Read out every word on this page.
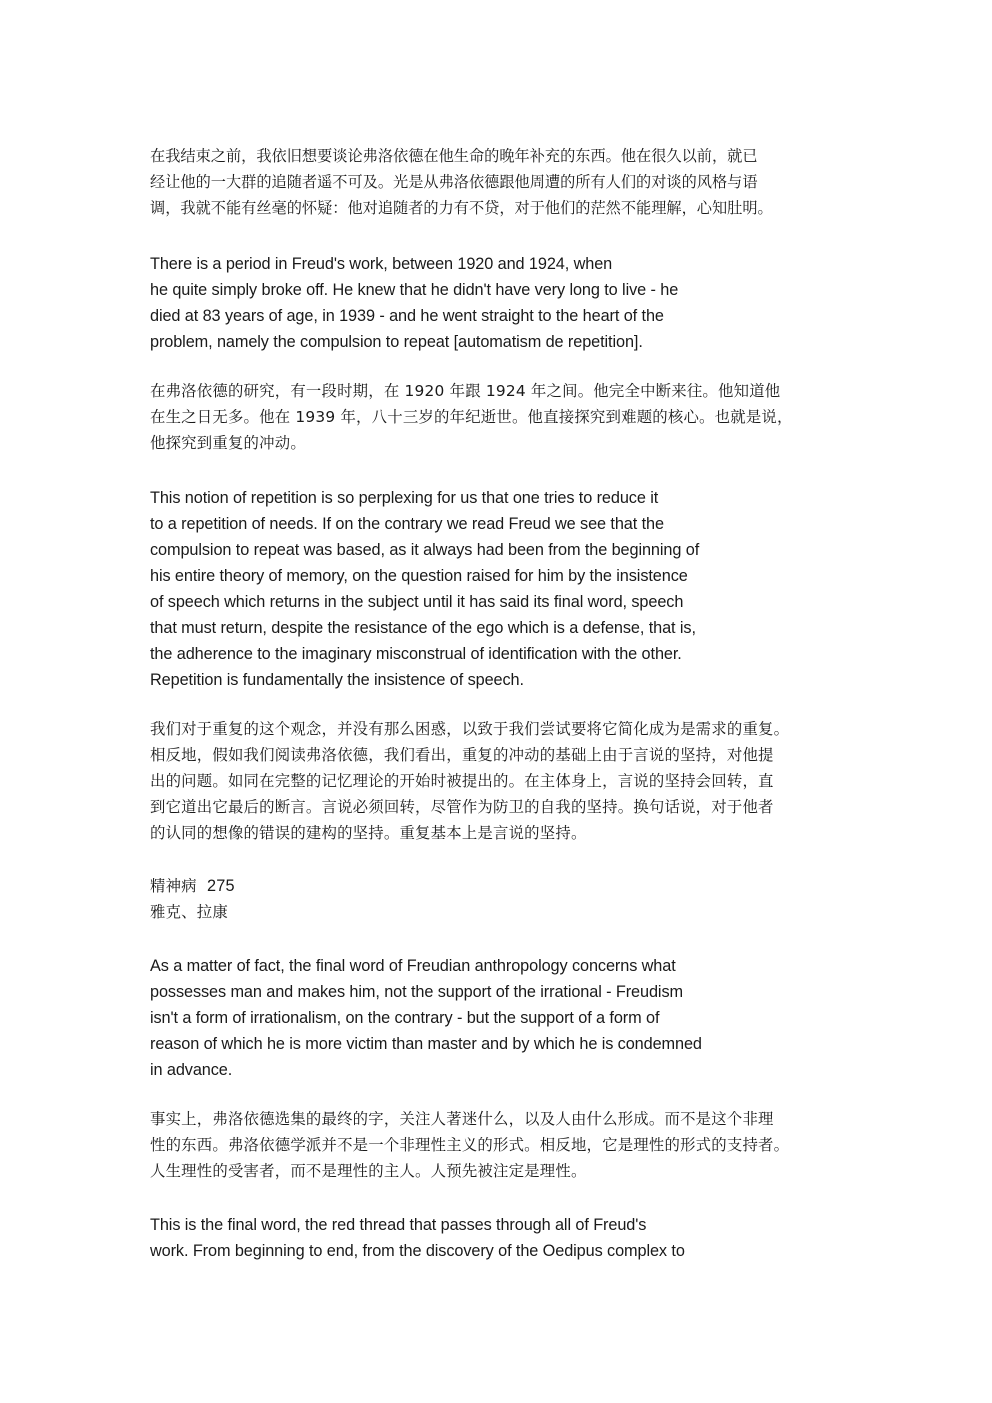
在我结束之前，我依旧想要谈论弗洛依德在他生命的晚年补充的东西。他在很久以前，就已
经让他的一大群的追随者遥不可及。光是从弗洛依德跟他周遭的所有人们的对谈的风格与语
调，我就不能有丝毫的怀疑：他对追随者的力有不贷，对于他们的茫然不能理解，心知肚明。
There is a period in Freud's work, between 1920 and 1924, when
he quite simply broke off. He knew that he didn't have very long to live - he
died at 83 years of age, in 1939 - and he went straight to the heart of the
problem, namely the compulsion to repeat [automatism de repetition].
在弗洛依德的研究，有一段时期，在 1920 年跟 1924 年之间。他完全中断来往。他知道他
在生之日无多。他在 1939 年，八十三岁的年纪逝世。他直接探究到难题的核心。也就是说，
他探究到重复的冲动。
This notion of repetition is so perplexing for us that one tries to reduce it
to a repetition of needs. If on the contrary we read Freud we see that the
compulsion to repeat was based, as it always had been from the beginning of
his entire theory of memory, on the question raised for him by the insistence
of speech which returns in the subject until it has said its final word, speech
that must return, despite the resistance of the ego which is a defense, that is,
the adherence to the imaginary misconstrual of identification with the other.
Repetition is fundamentally the insistence of speech.
我们对于重复的这个观念，并没有那么困惑，以致于我们尝试要将它简化成为是需求的重复。
相反地，假如我们阅读弗洛依德，我们看出，重复的冲动的基础上由于言说的坚持，对他提
出的问题。如同在完整的记忆理论的开始时被提出的。在主体身上，言说的坚持会回转，直
到它道出它最后的断言。言说必须回转，尽管作为防卫的自我的坚持。换句话说，对于他者
的认同的想像的错误的建构的坚持。重复基本上是言说的坚持。
精神病 275
雅克、拉康
As a matter of fact, the final word of Freudian anthropology concerns what
possesses man and makes him, not the support of the irrational - Freudism
isn't a form of irrationalism, on the contrary - but the support of a form of
reason of which he is more victim than master and by which he is condemned
in advance.
事实上，弗洛依德选集的最终的字，关注人著迷什么，以及人由什么形成。而不是这个非理
性的东西。弗洛依德学派并不是一个非理性主义的形式。相反地，它是理性的形式的支持者。
人生理性的受害者，而不是理性的主人。人预先被注定是理性。
This is the final word, the red thread that passes through all of Freud's
work. From beginning to end, from the discovery of the Oedipus complex to
